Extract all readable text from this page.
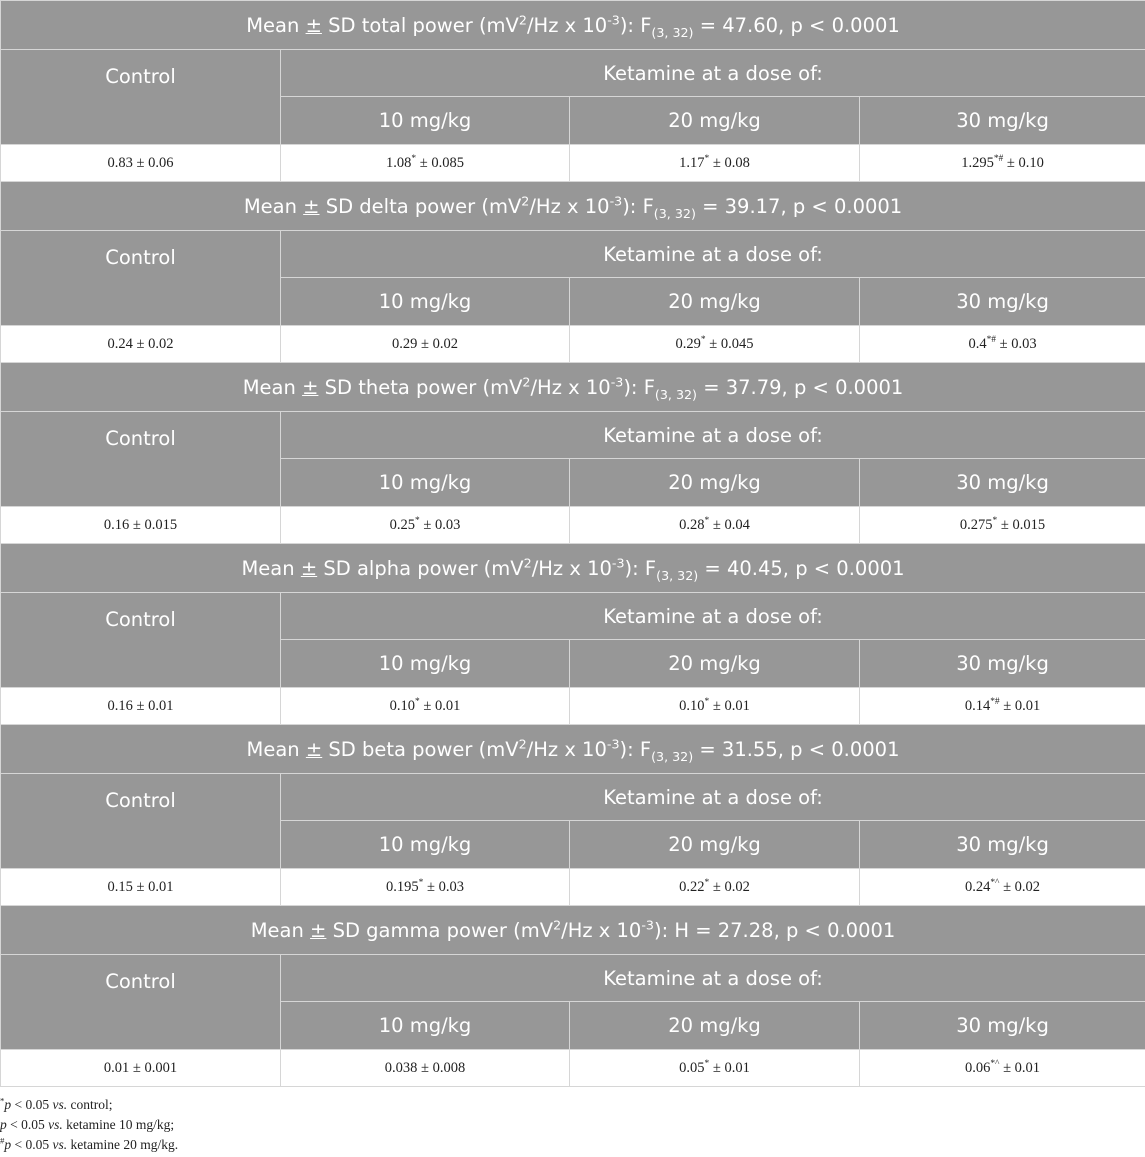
Mean ± SD total power ($mV^2/Hz$ x $10^{-3}$): $F_{(3, 32)} = 47.60$, p < 0.0001			
Control	Ketamine at a dose of:		
	10 mg/kg	20 mg/kg	30 mg/kg
0.83 ± 0.06	1.08* ± 0.085	1.17* ± 0.08	1.295*# ± 0.10
Mean ± SD delta power ($mV^2/Hz$ x $10^{-3}$): $F_{(3, 32)} = 39.17$, p < 0.0001			
Control	Ketamine at a dose of:		
	10 mg/kg	20 mg/kg	30 mg/kg
0.24 ± 0.02	0.29 ± 0.02	0.29* ± 0.045	0.4*# ± 0.03
Mean ± SD theta power ($mV^2/Hz$ x $10^{-3}$): $F_{(3, 32)} = 37.79$, p < 0.0001			
Control	Ketamine at a dose of:		
	10 mg/kg	20 mg/kg	30 mg/kg
0.16 ± 0.015	0.25* ± 0.03	0.28* ± 0.04	0.275* ± 0.015
Mean ± SD alpha power ($mV^2/Hz$ x $10^{-3}$): $F_{(3, 32)} = 40.45$, p < 0.0001			
Control	Ketamine at a dose of:		
	10 mg/kg	20 mg/kg	30 mg/kg
0.16 ± 0.01	0.10* ± 0.01	0.10* ± 0.01	0.14*# ± 0.01
Mean ± SD beta power ($mV^2/Hz$ x $10^{-3}$): $F_{(3, 32)} = 31.55$, p < 0.0001			
Control	Ketamine at a dose of:		
	10 mg/kg	20 mg/kg	30 mg/kg
0.15 ± 0.01	0.195* ± 0.03	0.22* ± 0.02	0.24*^ ± 0.02
Mean ± SD gamma power ($mV^2/Hz$ x $10^{-3}$): H = 27.28, p < 0.0001			
Control	Ketamine at a dose of:		
	10 mg/kg	20 mg/kg	30 mg/kg
0.01 ± 0.001	0.038 ± 0.008	0.05* ± 0.01	0.06*^ ± 0.01
*p < 0.05 vs. control;
p < 0.05 vs. ketamine 10 mg/kg;
#p < 0.05 vs. ketamine 20 mg/kg.
